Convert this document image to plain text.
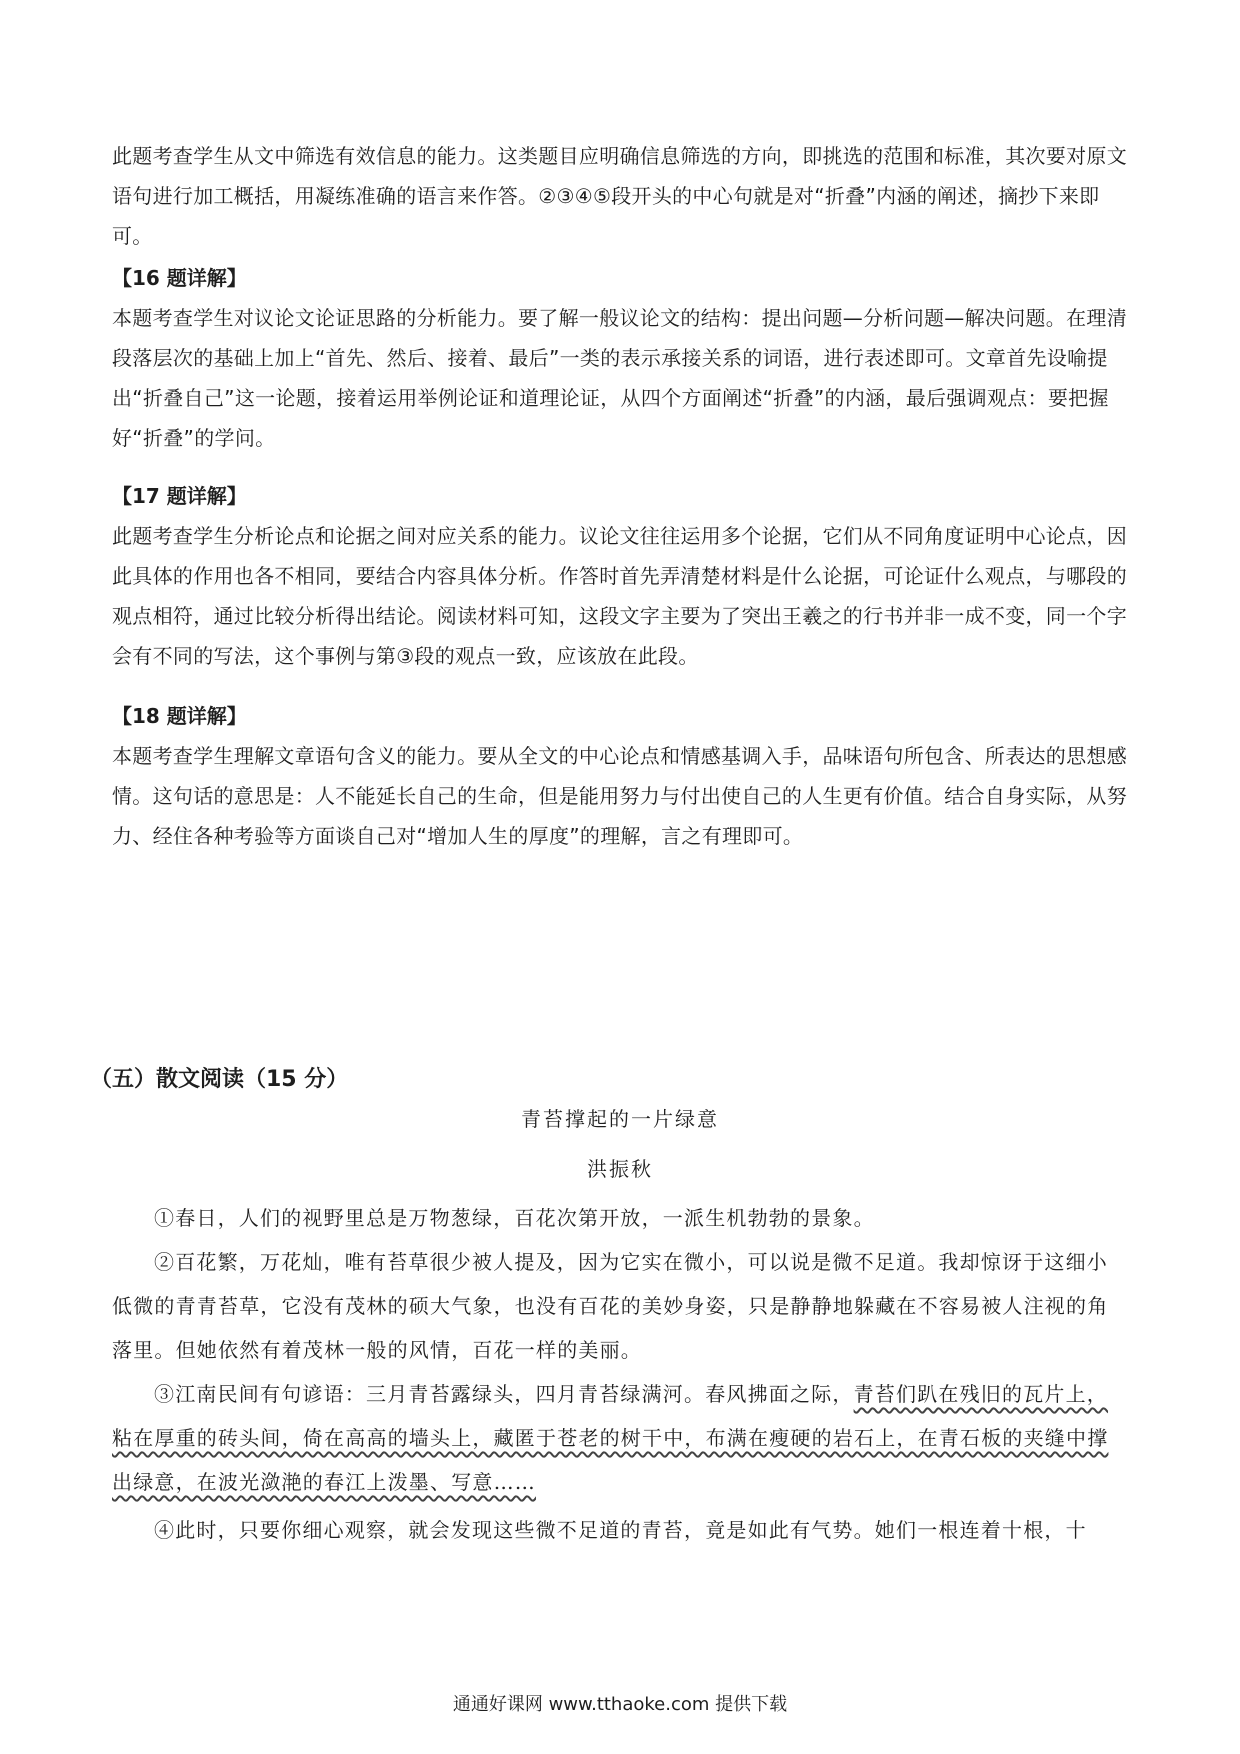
此题考查学生从文中筛选有效信息的能力。这类题目应明确信息筛选的方向，即挑选的范围和标准，其次要对原文语句进行加工概括，用凝练准确的语言来作答。②③④⑤段开头的中心句就是对“折叠”内涵的阐述，摘抄下来即可。

【16 题详解】

本题考查学生对议论文论证思路的分析能力。要了解一般议论文的结构：提出问题—分析问题—解决问题。在理清段落层次的基础上加上“首先、然后、接着、最后”一类的表示承接关系的词语，进行表述即可。文章首先设喻提出“折叠自己”这一论题，接着运用举例论证和道理论证，从四个方面阐述“折叠”的内涵，最后强调观点：要把握好“折叠”的学问。

【17 题详解】

此题考查学生分析论点和论据之间对应关系的能力。议论文往往运用多个论据，它们从不同角度证明中心论点，因此具体的作用也各不相同，要结合内容具体分析。作答时首先弄清楚材料是什么论据，可论证什么观点，与哪段的观点相符，通过比较分析得出结论。阅读材料可知，这段文字主要为了突出王羲之的行书并非一成不变，同一个字会有不同的写法，这个事例与第③段的观点一致，应该放在此段。

【18 题详解】

本题考查学生理解文章语句含义的能力。要从全文的中心论点和情感基调入手，品味语句所包含、所表达的思想感情。这句话的意思是：人不能延长自己的生命，但是能用努力与付出使自己的人生更有价值。结合自身实际，从努力、经住各种考验等方面谈自己对“增加人生的厚度”的理解，言之有理即可。

（五）散文阅读（15 分）
青苔撑起的一片绿意
洪振秋

①春日，人们的视野里总是万物葱绿，百花次第开放，一派生机勃勃的景象。

②百花繁，万花灿，唯有苔草很少被人提及，因为它实在微小，可以说是微不足道。我却惊讶于这细小低微的青青苔草，它没有茂林的硕大气象，也没有百花的美妙身姿，只是静静地躲藏在不容易被人注视的角落里。但她依然有着茂林一般的风情，百花一样的美丽。

③江南民间有句谚语：三月青苔露绿头，四月青苔绿满河。春风拂面之际，青苔们趴在残旧的瓦片上，粘在厚重的砖头间，倚在高高的墙头上，藏匿于苍老的树干中，布满在瘦硬的岩石上，在青石板的夹缝中撑出绿意，在波光潋滟的春江上泼墨、写意……

④此时，只要你细心观察，就会发现这些微不足道的青苔，竟是如此有气势。她们一根连着十根，十

通通好课网 www.tthaoke.com 提供下载
